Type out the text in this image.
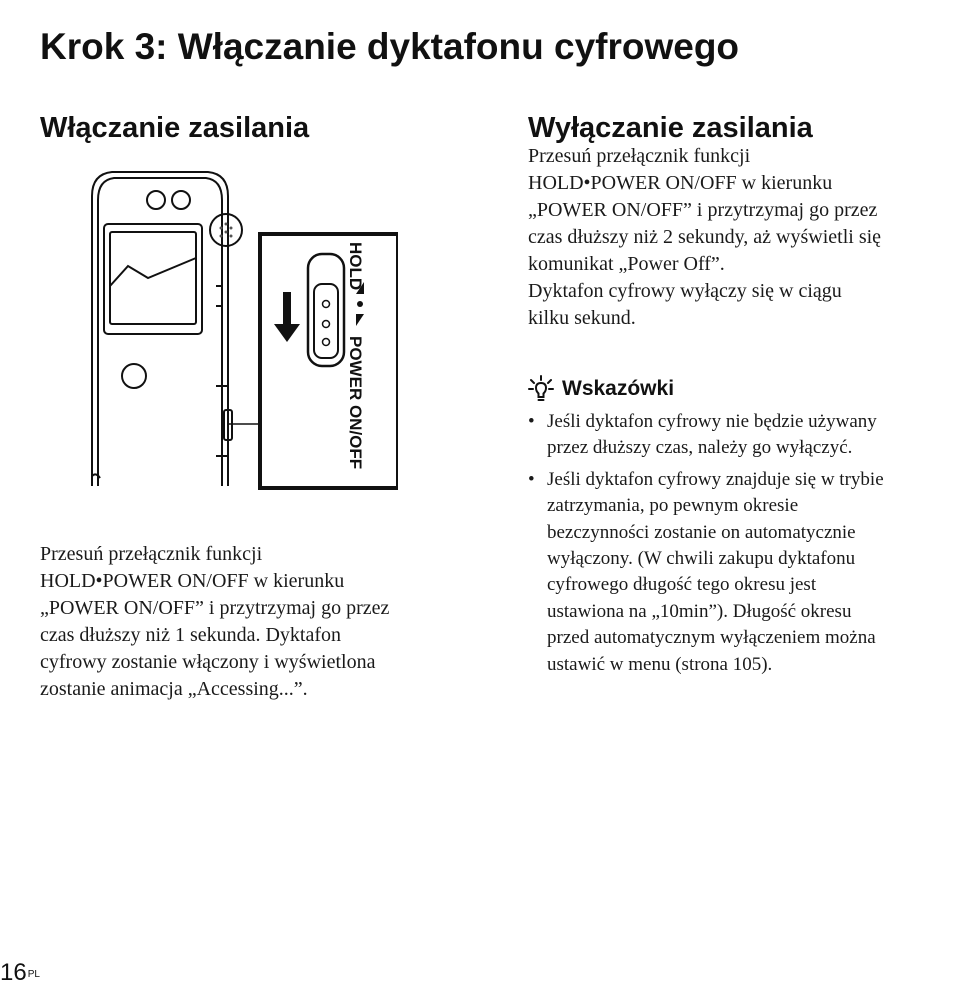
Krok 3: Włączanie dyktafonu cyfrowego
Włączanie zasilania	Wyłączanie zasilania
HOLD
POWER ON/OFF

Przesuń przełącznik funkcji
HOLD•POWER ON/OFF w kierunku
„POWER ON/OFF” i przytrzymaj go przez
czas dłuższy niż 1 sekunda. Dyktafon
cyfrowy zostanie włączony i wyświetlona
zostanie animacja „Accessing...”.

Przesuń przełącznik funkcji
HOLD•POWER ON/OFF w kierunku
„POWER ON/OFF” i przytrzymaj go przez
czas dłuższy niż 2 sekundy, aż wyświetli się
komunikat „Power Off”.
Dyktafon cyfrowy wyłączy się w ciągu
kilku sekund.

Wskazówki
• Jeśli dyktafon cyfrowy nie będzie używany
przez dłuższy czas, należy go wyłączyć.
• Jeśli dyktafon cyfrowy znajduje się w trybie
zatrzymania, po pewnym okresie
bezczynności zostanie on automatycznie
wyłączony. (W chwili zakupu dyktafonu
cyfrowego długość tego okresu jest
ustawiona na „10min”). Długość okresu
przed automatycznym wyłączeniem można
ustawić w menu (strona 105).
$16^{PL}$
